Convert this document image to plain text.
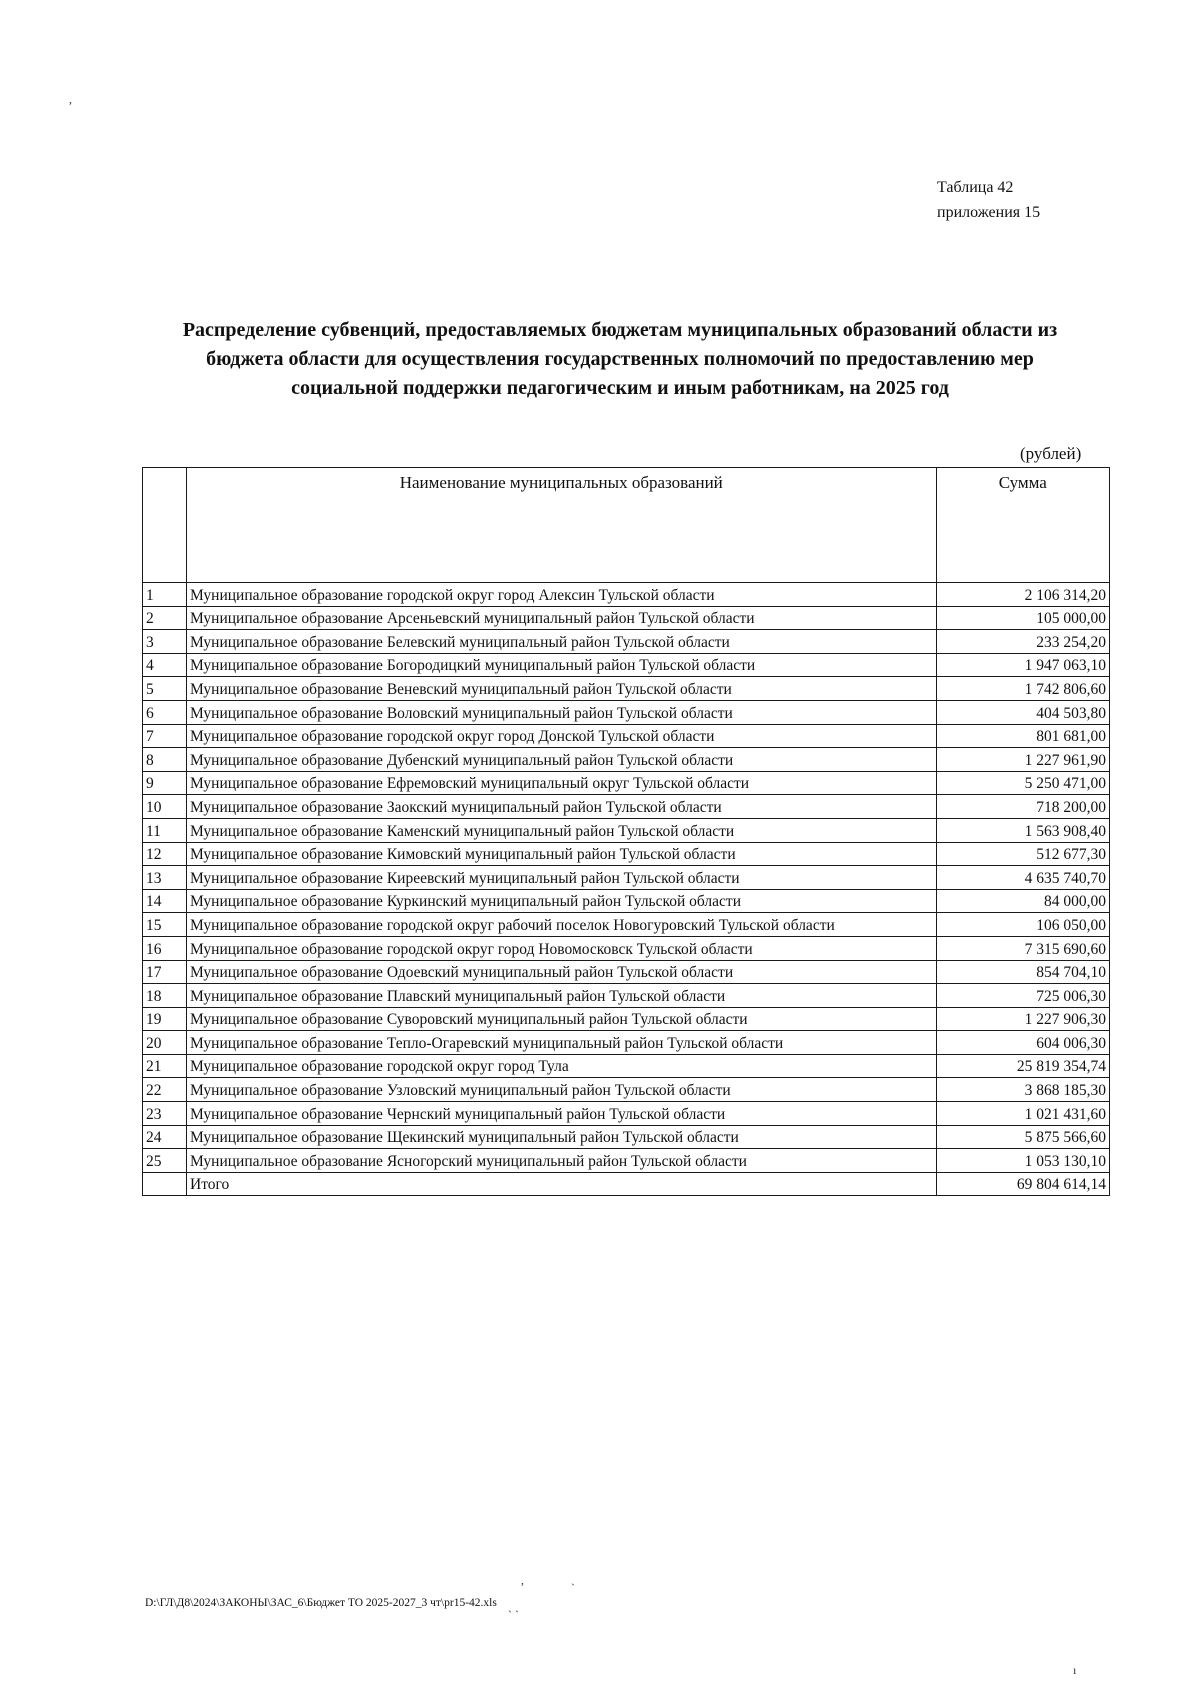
Таблица 42
приложения 15
Распределение субвенций, предоставляемых бюджетам муниципальных образований области из
бюджета области для осуществления государственных полномочий по предоставлению мер
социальной поддержки педагогическим и иным работникам, на 2025 год
(рублей)
	Наименование муниципальных образований	Сумма
1	Муниципальное образование городской округ город Алексин Тульской области	2 106 314,20
2	Муниципальное образование Арсеньевский муниципальный район Тульской области	105 000,00
3	Муниципальное образование Белевский муниципальный район Тульской области	233 254,20
4	Муниципальное образование Богородицкий муниципальный район Тульской области	1 947 063,10
5	Муниципальное образование Веневский муниципальный район Тульской области	1 742 806,60
6	Муниципальное образование Воловский муниципальный район Тульской области	404 503,80
7	Муниципальное образование городской округ город Донской Тульской области	801 681,00
8	Муниципальное образование Дубенский муниципальный район Тульской области	1 227 961,90
9	Муниципальное образование Ефремовский муниципальный округ Тульской области	5 250 471,00
10	Муниципальное образование Заокский муниципальный район Тульской области	718 200,00
11	Муниципальное образование Каменский муниципальный район Тульской области	1 563 908,40
12	Муниципальное образование Кимовский муниципальный район Тульской области	512 677,30
13	Муниципальное образование Киреевский муниципальный район Тульской области	4 635 740,70
14	Муниципальное образование Куркинский муниципальный район Тульской области	84 000,00
15	Муниципальное образование городской округ рабочий поселок Новогуровский Тульской области	106 050,00
16	Муниципальное образование городской округ город Новомосковск Тульской области	7 315 690,60
17	Муниципальное образование Одоевский муниципальный район Тульской области	854 704,10
18	Муниципальное образование Плавский муниципальный район Тульской области	725 006,30
19	Муниципальное образование Суворовский муниципальный район Тульской области	1 227 906,30
20	Муниципальное образование Тепло-Огаревский муниципальный район Тульской области	604 006,30
21	Муниципальное образование городской округ город Тула	25 819 354,74
22	Муниципальное образование Узловский муниципальный район Тульской области	3 868 185,30
23	Муниципальное образование Чернский муниципальный район Тульской области	1 021 431,60
24	Муниципальное образование Щекинский муниципальный район Тульской области	5 875 566,60
25	Муниципальное образование Ясногорский муниципальный район Тульской области	1 053 130,10
	Итого	69 804 614,14
D:\ГЛ\Д8\2024\ЗАКОНЫ\ЗАС_6\Бюджет ТО 2025-2027_3 чт\pr15-42.xls
,
,
`
` `
ı
